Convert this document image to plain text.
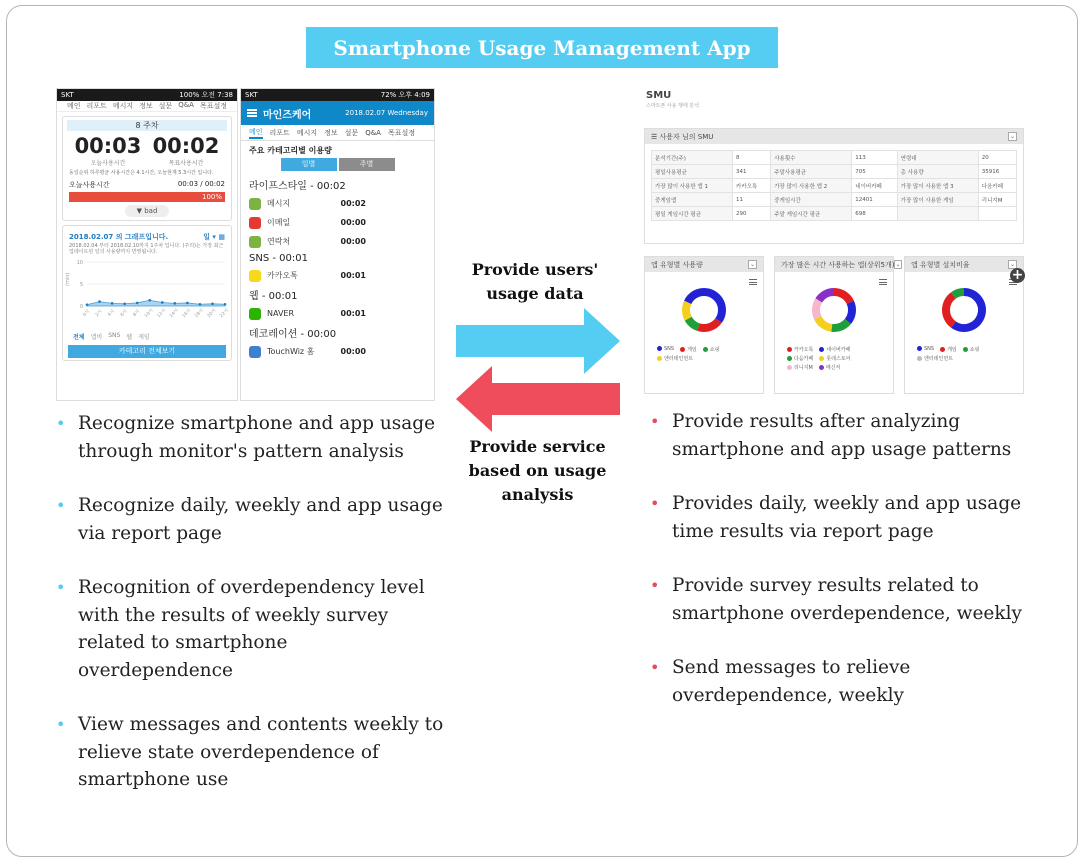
Smartphone Usage Management App
SKT	100% 오전 7:38
메인 리포트 메시지 정보 설문 Q&A 목표설정
8 주차
00:03
오늘사용시간
00:02
목표사용시간
동일순위 하루평균 사용시간은 4.1시간, 오늘현재 5.3시간 입니다.
오늘사용시간	00:03 / 00:02
100%
▼ bad
2018.02.07 의 그래프입니다.	일 ▾ ▦
2018.02.04 부터 2018.02.10까지 1주차 입니다. (주의)는 가장 최근 업데이트된 일의 사용량까지 반영됩니다.
10
5
0
(min)
0시 2시 4시 6시 8시 10시 12시 14시 16시 18시 20시 22시
전체 앱비 SNS 웹 게임
카테고리 전체보기
SKT	72% 오후 4:09
마인즈케어	2018.02.07 Wednesday
메인 리포트 메시지 정보 설문 Q&A 목표설정
주요 카테고리별 이용량
일별	주별
라이프스타일 - 00:02
메시지	00:02
이메일	00:00
연락처	00:00
SNS - 00:01
카카오톡	00:01
웹 - 00:01
NAVER	00:01
데코레이션 - 00:00
TouchWiz 홈	00:00
SMU
스마트폰 사용 행태 분석
☰ 사용자 님의 SMU	⌄
분석기간(주)	8	사용횟수	113	연령대	20
평일사용평균	341	주말사용평균	705	총 사용량	35916
가장 많이 사용한 앱 1	카카오톡	가장 많이 사용한 앱 2	네이버카페	가장 많이 사용한 앱 3	다음카페
중게임앱	11	중게임시간	12401	가장 많이 사용한 게임	리니지M
평일 게임시간 평균	290	주말 게임시간 평균	698		
앱 유형별 사용량	⌄
SNS	게임	쇼핑
엔터테인먼트
가장 많은 시간 사용하는 앱(상위5개) ⌄
카카오톡	네이버카페
다음카페	롯데스토어
리니지M	메신저
앱 유형별 설치비율	⌄
SNS	게임	쇼핑
엔터테인먼트
+
Provide users' usage data
Provide service based on usage analysis
• Recognize smartphone and app usage through monitor's pattern analysis
• Recognize daily, weekly and app usage via report page
• Recognition of overdependency level with the results of weekly survey related to smartphone overdependence
• View messages and contents weekly to relieve state overdependence of smartphone use
• Provide results after analyzing smartphone and app usage patterns
• Provides daily, weekly and app usage time results via report page
• Provide survey results related to smartphone overdependence, weekly
• Send messages to relieve overdependence, weekly
